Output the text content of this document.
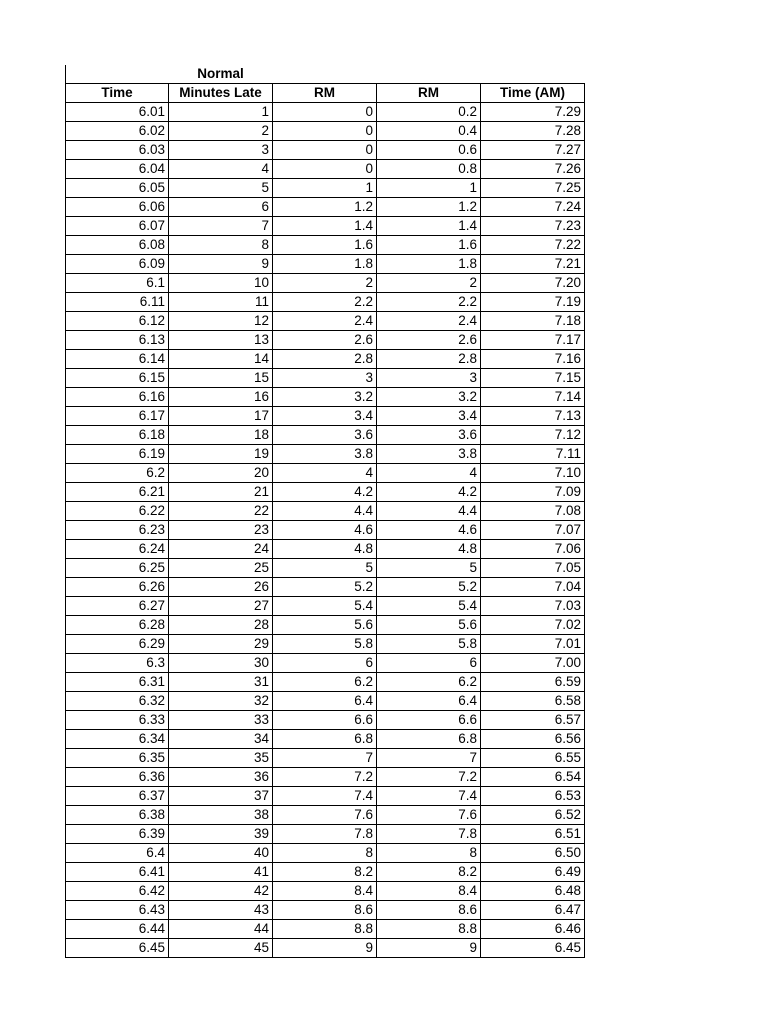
	Normal			
Time	Minutes Late	RM	RM	Time (AM)
6.01	1	0	0.2	7.29
6.02	2	0	0.4	7.28
6.03	3	0	0.6	7.27
6.04	4	0	0.8	7.26
6.05	5	1	1	7.25
6.06	6	1.2	1.2	7.24
6.07	7	1.4	1.4	7.23
6.08	8	1.6	1.6	7.22
6.09	9	1.8	1.8	7.21
6.1	10	2	2	7.20
6.11	11	2.2	2.2	7.19
6.12	12	2.4	2.4	7.18
6.13	13	2.6	2.6	7.17
6.14	14	2.8	2.8	7.16
6.15	15	3	3	7.15
6.16	16	3.2	3.2	7.14
6.17	17	3.4	3.4	7.13
6.18	18	3.6	3.6	7.12
6.19	19	3.8	3.8	7.11
6.2	20	4	4	7.10
6.21	21	4.2	4.2	7.09
6.22	22	4.4	4.4	7.08
6.23	23	4.6	4.6	7.07
6.24	24	4.8	4.8	7.06
6.25	25	5	5	7.05
6.26	26	5.2	5.2	7.04
6.27	27	5.4	5.4	7.03
6.28	28	5.6	5.6	7.02
6.29	29	5.8	5.8	7.01
6.3	30	6	6	7.00
6.31	31	6.2	6.2	6.59
6.32	32	6.4	6.4	6.58
6.33	33	6.6	6.6	6.57
6.34	34	6.8	6.8	6.56
6.35	35	7	7	6.55
6.36	36	7.2	7.2	6.54
6.37	37	7.4	7.4	6.53
6.38	38	7.6	7.6	6.52
6.39	39	7.8	7.8	6.51
6.4	40	8	8	6.50
6.41	41	8.2	8.2	6.49
6.42	42	8.4	8.4	6.48
6.43	43	8.6	8.6	6.47
6.44	44	8.8	8.8	6.46
6.45	45	9	9	6.45
